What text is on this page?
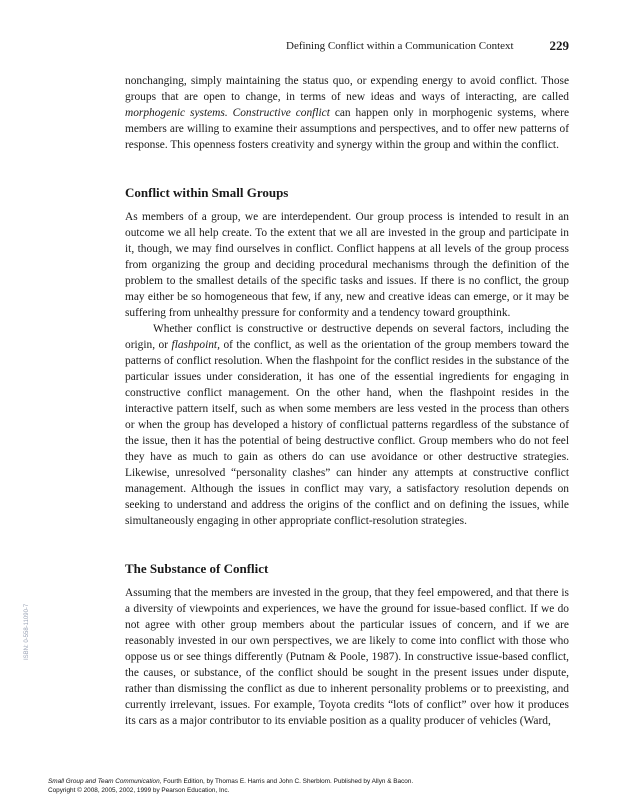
Defining Conflict within a Communication Context	229

nonchanging, simply maintaining the status quo, or expending energy to avoid conflict. Those groups that are open to change, in terms of new ideas and ways of interacting, are called morphogenic systems. Constructive conflict can happen only in morphogenic systems, where members are willing to examine their assumptions and perspectives, and to offer new patterns of response. This openness fosters creativity and synergy within the group and within the conflict.

Conflict within Small Groups

As members of a group, we are interdependent. Our group process is intended to result in an outcome we all help create. To the extent that we all are invested in the group and participate in it, though, we may find ourselves in conflict. Conflict happens at all levels of the group process from organizing the group and deciding procedural mechanisms through the definition of the problem to the smallest details of the specific tasks and issues. If there is no conflict, the group may either be so homogeneous that few, if any, new and creative ideas can emerge, or it may be suffering from unhealthy pressure for conformity and a tendency toward groupthink.

Whether conflict is constructive or destructive depends on several factors, including the origin, or flashpoint, of the conflict, as well as the orientation of the group members toward the patterns of conflict resolution. When the flashpoint for the conflict resides in the substance of the particular issues under consideration, it has one of the essential ingredients for engaging in constructive conflict management. On the other hand, when the flashpoint resides in the interactive pattern itself, such as when some members are less vested in the process than others or when the group has developed a history of conflictual patterns regardless of the substance of the issue, then it has the potential of being destructive conflict. Group members who do not feel they have as much to gain as others do can use avoidance or other destructive strategies. Likewise, unresolved “personality clashes” can hinder any attempts at constructive conflict management. Although the issues in conflict may vary, a satisfactory resolution depends on seeking to understand and address the origins of the conflict and on defining the issues, while simultaneously engaging in other appropriate conflict-resolution strategies.

The Substance of Conflict

Assuming that the members are invested in the group, that they feel empowered, and that there is a diversity of viewpoints and experiences, we have the ground for issue-based conflict. If we do not agree with other group members about the particular issues of concern, and if we are reasonably invested in our own perspectives, we are likely to come into conflict with those who oppose us or see things differently (Putnam & Poole, 1987). In constructive issue-based conflict, the causes, or substance, of the conflict should be sought in the present issues under dispute, rather than dismissing the conflict as due to inherent personality problems or to preexisting, and currently irrelevant, issues. For example, Toyota credits “lots of conflict” over how it produces its cars as a major contributor to its enviable position as a quality producer of vehicles (Ward,

ISBN: 0-558-11090-7
Small Group and Team Communication, Fourth Edition, by Thomas E. Harris and John C. Sherblom. Published by Allyn & Bacon.
Copyright © 2008, 2005, 2002, 1999 by Pearson Education, Inc.
